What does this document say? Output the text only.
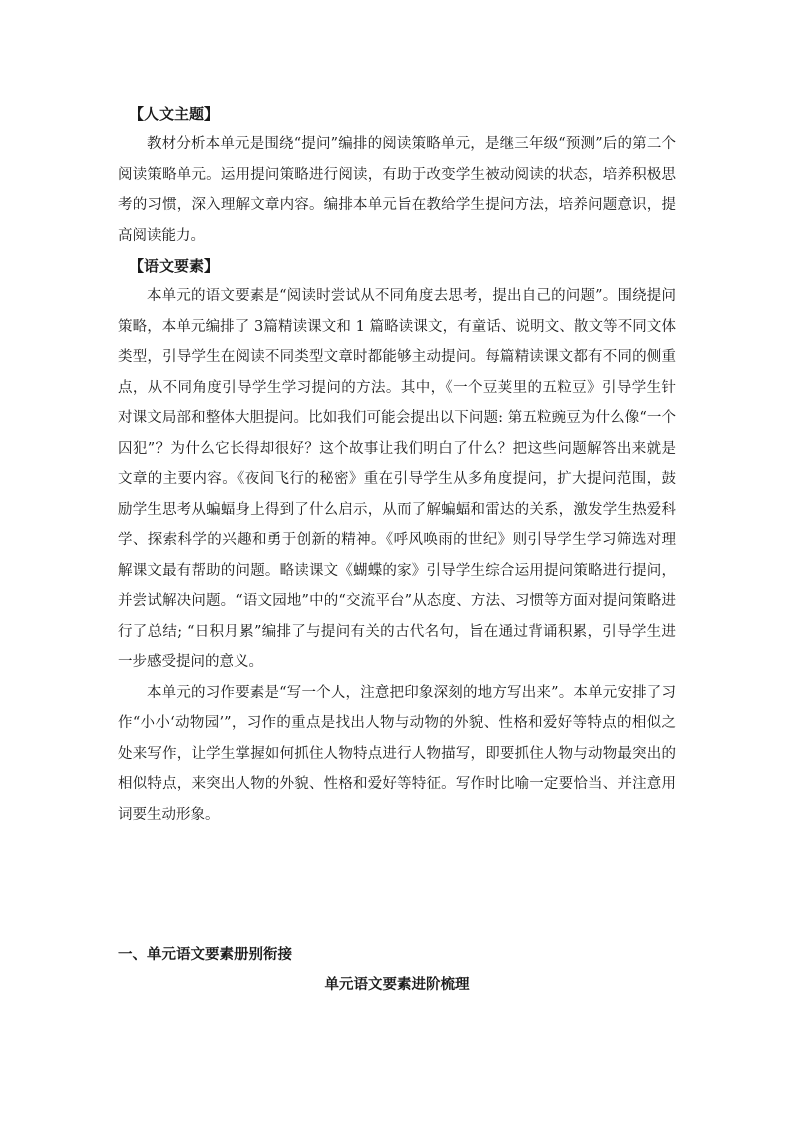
【人文主题】

教材分析本单元是围绕“提问”编排的阅读策略单元，是继三年级“预测”后的第二个阅读策略单元。运用提问策略进行阅读，有助于改变学生被动阅读的状态，培养积极思考的习惯，深入理解文章内容。编排本单元旨在教给学生提问方法，培养问题意识，提高阅读能力。

【语文要素】

本单元的语文要素是“阅读时尝试从不同角度去思考，提出自己的问题”。围绕提问策略，本单元编排了 3篇精读课文和 1 篇略读课文，有童话、说明文、散文等不同文体类型，引导学生在阅读不同类型文章时都能够主动提问。每篇精读课文都有不同的侧重点，从不同角度引导学生学习提问的方法。其中，《一个豆荚里的五粒豆》引导学生针对课文局部和整体大胆提问。比如我们可能会提出以下问题: 第五粒豌豆为什么像“一个囚犯”？为什么它长得却很好？这个故事让我们明白了什么？把这些问题解答出来就是文章的主要内容。《夜间飞行的秘密》重在引导学生从多角度提问，扩大提问范围，鼓励学生思考从蝙蝠身上得到了什么启示，从而了解蝙蝠和雷达的关系，激发学生热爱科学、探索科学的兴趣和勇于创新的精神。《呼风唤雨的世纪》则引导学生学习筛选对理解课文最有帮助的问题。略读课文《蝴蝶的家》引导学生综合运用提问策略进行提问，并尝试解决问题。“语文园地”中的“交流平台”从态度、方法、习惯等方面对提问策略进行了总结; “日积月累”编排了与提问有关的古代名句，旨在通过背诵积累，引导学生进一步感受提问的意义。

本单元的习作要素是“写一个人，注意把印象深刻的地方写出来”。本单元安排了习作“小小‘动物园’”，习作的重点是找出人物与动物的外貌、性格和爱好等特点的相似之处来写作，让学生掌握如何抓住人物特点进行人物描写，即要抓住人物与动物最突出的相似特点，来突出人物的外貌、性格和爱好等特征。写作时比喻一定要恰当、并注意用词要生动形象。

一、单元语文要素册别衔接

单元语文要素进阶梳理
